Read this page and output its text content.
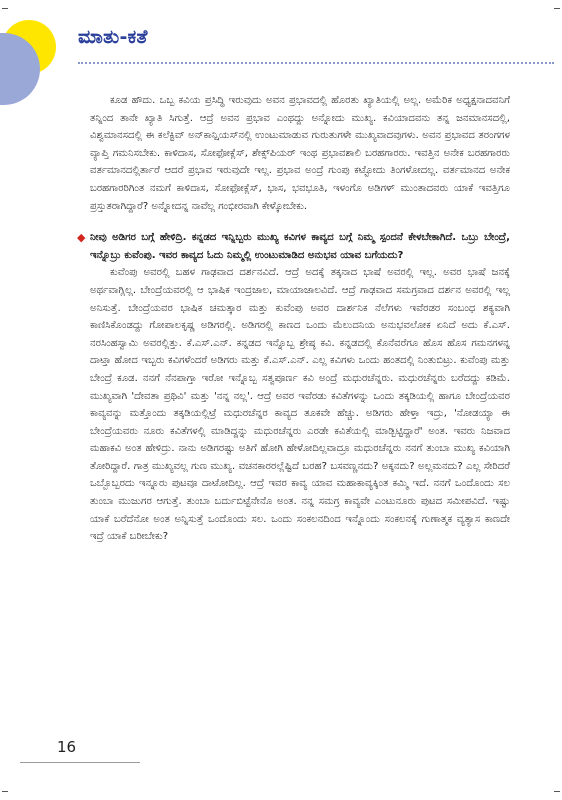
ಮಾತು-ಕತೆ

ಕೂಡ ಹೌದು. ಒಬ್ಬ ಕವಿಯ ಪ್ರಸಿದ್ಧಿ ಇರುವುದು ಅವನ ಪ್ರಭಾವದಲ್ಲಿ ಹೊರತು ಖ್ಯಾತಿಯಲ್ಲಿ ಅಲ್ಲ. ಅಮೆರಿಕ ಅಧ್ಯಕ್ಷನಾದವನಿಗೆ ತನ್ನಿಂದ ತಾನೇ ಖ್ಯಾತಿ ಸಿಗುತ್ತೆ. ಆದ್ರೆ ಅವನ ಪ್ರಭಾವ ಎಂಥದ್ದು ಅನ್ನೋದು ಮುಖ್ಯ. ಕವಿಯಾದವನು ತನ್ನ ಜನಮಾನಸದಲ್ಲಿ, ವಿಶ್ವಮಾನಸದಲ್ಲಿ ಈ ಕಲೆಕ್ಟಿವ್ ಅನ್‌ಕಾನ್ಷಿಯಸ್‌ನಲ್ಲಿ ಉಂಟುಮಾಡುವ ಗುರುತುಗಳೇ ಮುಖ್ಯವಾದವುಗಳು. ಅವನ ಪ್ರಭಾವದ ತರಂಗಗಳ ವ್ಯಾಪ್ತಿ ಗಮನಿಸಬೇಕು. ಕಾಳಿದಾಸ, ಸೋಫೋಕ್ಲೆಸ್, ಶೇಕ್ಸ್‌ಪಿಯರ್ ಇಂಥ ಪ್ರಭಾವಶಾಲಿ ಬರಹಗಾರರು. ಇವತ್ತಿನ ಅನೇಕ ಬರಹಗಾರರು ವರ್ತಮಾನದಲ್ಲಿರ್ತಾರೆ ಆದರೆ ಪ್ರಭಾವ ಇರುವುದೇ ಇಲ್ಲ. ಪ್ರಭಾವ ಅಂದ್ರೆ ಗುಂಪು ಕಟ್ಟೋದು ತಿಂಗಳೋದಲ್ಲ. ವರ್ತಮಾನದ ಅನೇಕ ಬರಹಗಾರರಿಗಿಂತ ನಮಗೆ ಕಾಳಿದಾಸ, ಸೋಫೋಕ್ಲೆಸ್, ಭಾಸ, ಭವಭೂತಿ, ಇಳಂಗೊ ಅಡಿಗಳ್ ಮುಂತಾದವರು ಯಾಕೆ ಇವತ್ತಿಗೂ ಪ್ರಸ್ತುತರಾಗಿದ್ದಾರೆ? ಅನ್ನೋದನ್ನ ನಾವೆಲ್ಲ ಗಂಭೀರವಾಗಿ ಕೇಳ್ಕೋಬೇಕು.

◆ ನೀವು ಅಡಿಗರ ಬಗ್ಗೆ ಹೇಳಿದ್ರಿ. ಕನ್ನಡದ ಇನ್ನಿಬ್ಬರು ಮುಖ್ಯ ಕವಿಗಳ ಕಾವ್ಯದ ಬಗ್ಗೆ ನಿಮ್ಮ ಸ್ಪಂದನೆ ಕೇಳಬೇಕಾಗಿದೆ. ಒಬ್ರು ಬೇಂದ್ರೆ, ಇನ್ನೊಬ್ರು ಕುವೆಂಪು. ಇವರ ಕಾವ್ಯದ ಓದು ನಿಮ್ಮಲ್ಲಿ ಉಂಟುಮಾಡಿದ ಅನುಭವ ಯಾವ ಬಗೆಯದು?

ಕುವೆಂಪು ಅವರಲ್ಲಿ ಬಹಳ ಗಾಢವಾದ ದರ್ಶನವಿದೆ. ಆದ್ರೆ ಅದಕ್ಕೆ ತಕ್ಕನಾದ ಭಾಷೆ ಅವರಲ್ಲಿ ಇಲ್ಲ. ಅವರ ಭಾಷೆ ಜನಕ್ಕೆ ಅರ್ಥವಾಗ್ಲಿಲ್ಲ. ಬೇಂದ್ರೆಯವರಲ್ಲಿ ಆ ಭಾಷಿಕ ಇಂದ್ರಜಾಲ, ಮಾಯಾಜಾಲವಿದೆ. ಆದ್ರೆ ಗಾಢವಾದ ಸಮಗ್ರವಾದ ದರ್ಶನ ಅವರಲ್ಲಿ ಇಲ್ಲ ಅನಿಸುತ್ತೆ. ಬೇಂದ್ರೆಯವರ ಭಾಷಿಕ ಚಮತ್ಕಾರ ಮತ್ತು ಕುವೆಂಪು ಅವರ ದಾರ್ಶನಿಕ ನೆಲೆಗಳು ಇವೆರಡರ ಸಂಬಂಧ ಶಕ್ಯವಾಗಿ ಕಾಣಿಸಿಕೊಂಡದ್ದು ಗೋಪಾಲಕೃಷ್ಣ ಅಡಿಗರಲ್ಲಿ. ಅಡಿಗರಲ್ಲಿ ಕಾಣದ ಒಂದು ಮೆಲುದನಿಯ ಅನುಭವಲೋಕ ಏನಿದೆ ಅದು ಕೆ.ಎಸ್. ನರಸಿಂಹಸ್ವಾಮಿ ಅವರಲ್ಲಿತ್ತು. ಕೆ.ಎಸ್.ಎನ್. ಕನ್ನಡದ ಇನ್ನೊಬ್ಬ ಶ್ರೇಷ್ಠ ಕವಿ. ಕನ್ನಡದಲ್ಲಿ ಕೊನೆವರೆಗೂ ಹೊಸ ಹೊಸ ಗಮನಗಳನ್ನ ದಾಟ್ತಾ ಹೋದ ಇಬ್ಬರು ಕವಿಗಳೆಂದರೆ ಅಡಿಗರು ಮತ್ತು ಕೆ.ಎಸ್.ಎನ್. ಎಲ್ಲ ಕವಿಗಳು ಒಂದು ಹಂತದಲ್ಲಿ ನಿಂತುಬಿಟ್ರು. ಕುವೆಂಪು ಮತ್ತು ಬೇಂದ್ರೆ ಕೂಡ. ನನಗೆ ನೆನಪಾಗ್ತಾ ಇರೋ ಇನ್ನೊಬ್ಬ ಸತ್ವಪೂರ್ಣ ಕವಿ ಅಂದ್ರೆ ಮಧುರಚೆನ್ನರು. ಮಧುರಚೆನ್ನರು ಬರೆದದ್ದು ಕಡಿಮೆ. ಮುಖ್ಯವಾಗಿ 'ದೇವತಾ ಪ್ರಥಿವಿ' ಮತ್ತು 'ನನ್ನ ನಲ್ಲ'. ಆದ್ರೆ ಅವರ ಇವೆರಡು ಕವಿತೆಗಳನ್ನು ಒಂದು ತಕ್ಕಡಿಯಲ್ಲಿ ಹಾಗೂ ಬೇಂದ್ರೆಯವರ ಕಾವ್ಯವನ್ನು ಮತ್ತೊಂದು ತಕ್ಕಡಿಯಲ್ಲಿಟ್ರೆ ಮಧುರಚೆನ್ನರ ಕಾವ್ಯದ ತೂಕವೇ ಹೆಚ್ಚು. ಅಡಿಗರು ಹೇಳ್ತಾ ಇದ್ರು, 'ನೋಡಯ್ಯಾ ಈ ಬೇಂದ್ರೆಯವರು ನೂರು ಕವಿತೆಗಳಲ್ಲಿ ಮಾಡಿದ್ದನ್ನು ಮಧುರಚೆನ್ನರು ಎರಡೇ ಕವಿತೆಯಲ್ಲಿ ಮಾಡ್ಬಿಟ್ಟಿದ್ದಾರೆ' ಅಂತ. ಇವರು ನಿಜವಾದ ಮಹಾಕವಿ ಅಂತ ಹೇಳಿದ್ರು. ನಾನು ಅಡಿಗರಷ್ಟು ಅತಿಗೆ ಹೋಗಿ ಹೇಳೋದಿಲ್ಲವಾದ್ರೂ ಮಧುರಚೆನ್ನರು ನನಗೆ ತುಂಬಾ ಮುಖ್ಯ ಕವಿಯಾಗಿ ತೋರಿದ್ದಾರೆ. ಗಾತ್ರ ಮುಖ್ಯವಲ್ಲ ಗುಣ ಮುಖ್ಯ. ವಚನಕಾರರಲ್ಲೆಷ್ಟಿದೆ ಬರಹ? ಬಸವಣ್ಣನದು? ಅಕ್ಕನದು? ಅಲ್ಲಮನದು? ಎಲ್ಲ ಸೇರಿದರೆ ಒಬ್ಬೊಬ್ಬರದು ಇನ್ನೂರು ಪುಟವೂ ದಾಟೋದಿಲ್ಲ. ಆದ್ರೆ ಇವರ ಕಾವ್ಯ ಯಾವ ಮಹಾಕಾವ್ಯಕ್ಕಿಂತ ಕಮ್ಮಿ ಇದೆ. ನನಗೆ ಒಂದೊಂದು ಸಲ ತುಂಬಾ ಮುಜುಗರ ಆಗುತ್ತೆ. ತುಂಬಾ ಬರ್ದುಬಿಟ್ಟೆನೇನೊ ಅಂತ. ನನ್ನ ಸಮಗ್ರ ಕಾವ್ಯವೇ ಎಂಟುನೂರು ಪುಟದ ಸಮೀಪವಿದೆ. ಇಷ್ಟು ಯಾಕೆ ಬರೆದೆನೋ ಅಂತ ಅನ್ನಿಸುತ್ತೆ ಒಂದೊಂದು ಸಲ. ಒಂದು ಸಂಕಲನದಿಂದ ಇನ್ನೊಂದು ಸಂಕಲನಕ್ಕೆ ಗುಣಾತ್ಮಕ ವ್ಯತ್ಯಾಸ ಕಾಣದೇ ಇದ್ರೆ ಯಾಕೆ ಬರೀಬೇಕು?

16
